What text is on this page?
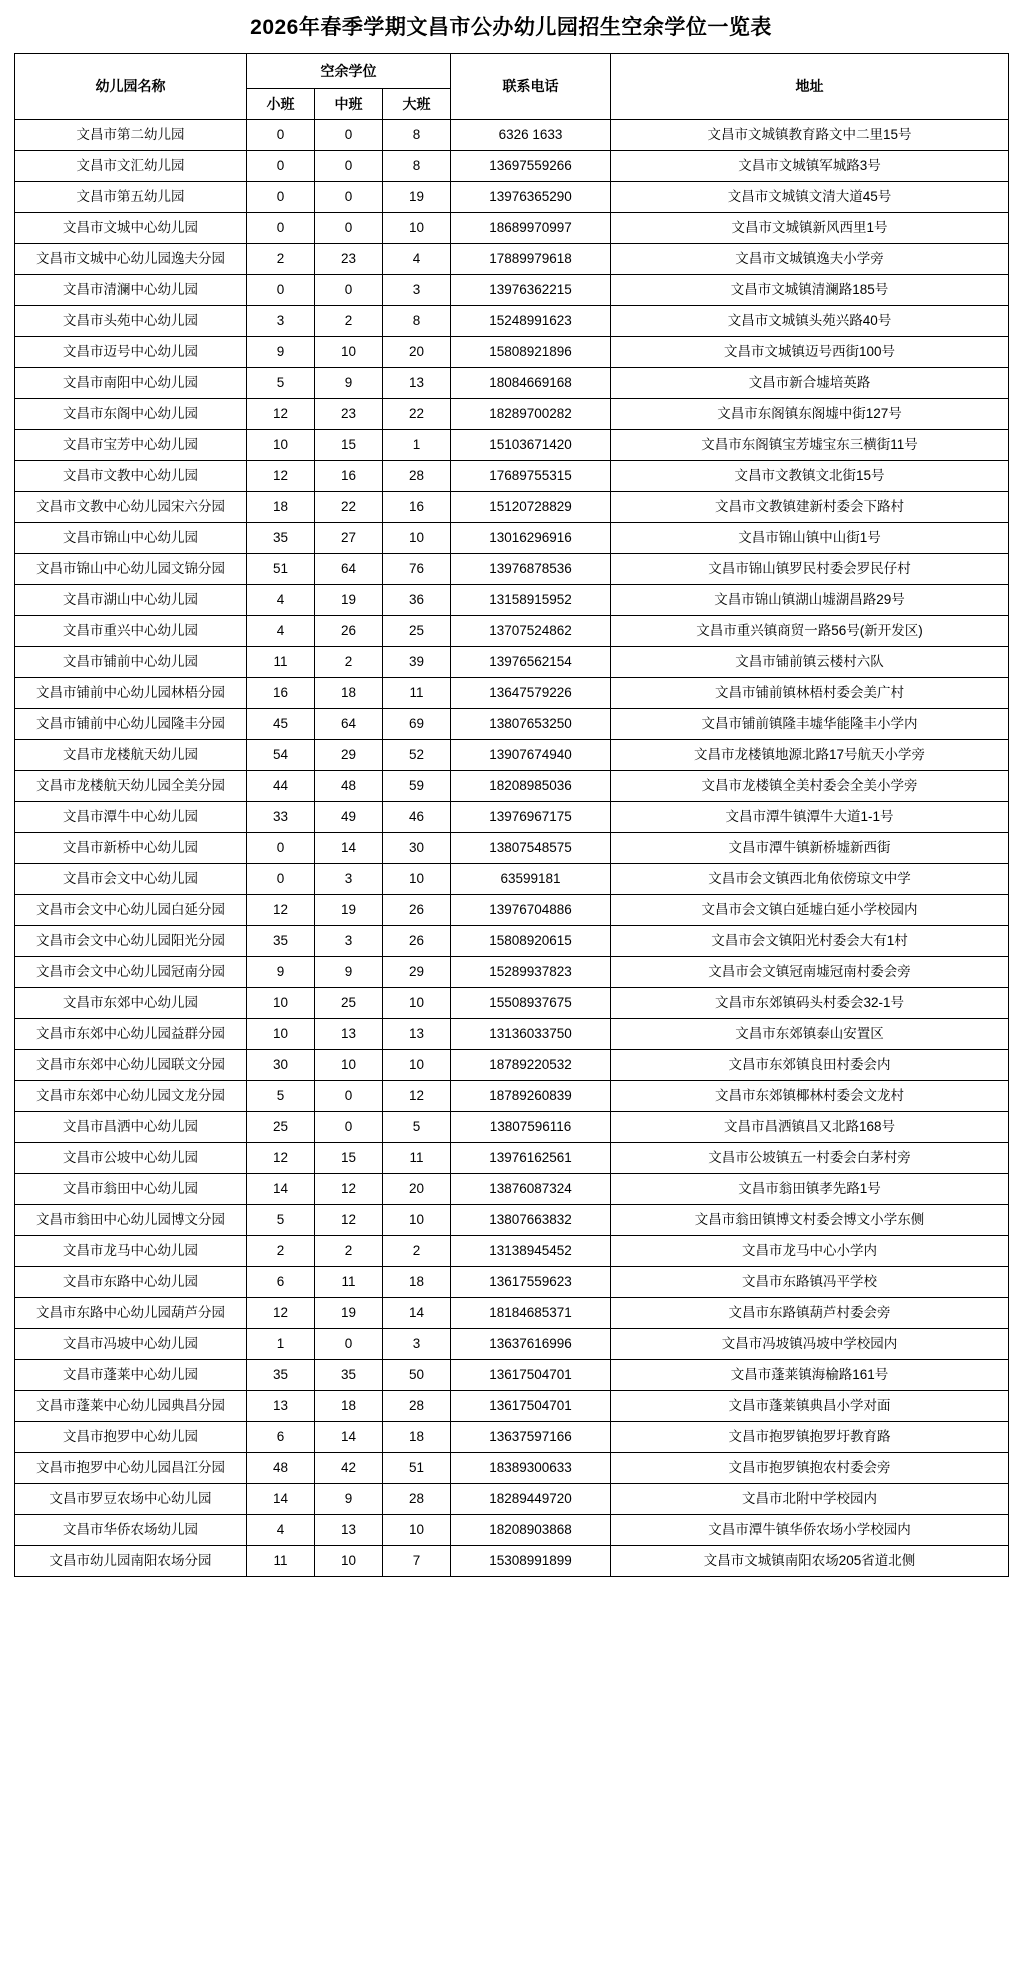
2026年春季学期文昌市公办幼儿园招生空余学位一览表
幼儿园名称	空余学位			联系电话	地址
	小班	中班	大班		
文昌市第二幼儿园	0	0	8	6326 1633	文昌市文城镇教育路文中二里15号
文昌市文汇幼儿园	0	0	8	13697559266	文昌市文城镇军城路3号
文昌市第五幼儿园	0	0	19	13976365290	文昌市文城镇文清大道45号
文昌市文城中心幼儿园	0	0	10	18689970997	文昌市文城镇新风西里1号
文昌市文城中心幼儿园逸夫分园	2	23	4	17889979618	文昌市文城镇逸夫小学旁
文昌市清澜中心幼儿园	0	0	3	13976362215	文昌市文城镇清澜路185号
文昌市头苑中心幼儿园	3	2	8	15248991623	文昌市文城镇头苑兴路40号
文昌市迈号中心幼儿园	9	10	20	15808921896	文昌市文城镇迈号西街100号
文昌市南阳中心幼儿园	5	9	13	18084669168	文昌市新合墟培英路
文昌市东阁中心幼儿园	12	23	22	18289700282	文昌市东阁镇东阁墟中街127号
文昌市宝芳中心幼儿园	10	15	1	15103671420	文昌市东阁镇宝芳墟宝东三横街11号
文昌市文教中心幼儿园	12	16	28	17689755315	文昌市文教镇文北街15号
文昌市文教中心幼儿园宋六分园	18	22	16	15120728829	文昌市文教镇建新村委会下路村
文昌市锦山中心幼儿园	35	27	10	13016296916	文昌市锦山镇中山街1号
文昌市锦山中心幼儿园文锦分园	51	64	76	13976878536	文昌市锦山镇罗民村委会罗民仔村
文昌市湖山中心幼儿园	4	19	36	13158915952	文昌市锦山镇湖山墟湖昌路29号
文昌市重兴中心幼儿园	4	26	25	13707524862	文昌市重兴镇商贸一路56号(新开发区)
文昌市铺前中心幼儿园	11	2	39	13976562154	文昌市铺前镇云楼村六队
文昌市铺前中心幼儿园林梧分园	16	18	11	13647579226	文昌市铺前镇林梧村委会美广村
文昌市铺前中心幼儿园隆丰分园	45	64	69	13807653250	文昌市铺前镇隆丰墟华能隆丰小学内
文昌市龙楼航天幼儿园	54	29	52	13907674940	文昌市龙楼镇地源北路17号航天小学旁
文昌市龙楼航天幼儿园全美分园	44	48	59	18208985036	文昌市龙楼镇全美村委会全美小学旁
文昌市潭牛中心幼儿园	33	49	46	13976967175	文昌市潭牛镇潭牛大道1-1号
文昌市新桥中心幼儿园	0	14	30	13807548575	文昌市潭牛镇新桥墟新西街
文昌市会文中心幼儿园	0	3	10	63599181	文昌巿会文镇西北角依傍琼文中学
文昌市会文中心幼儿园白延分园	12	19	26	13976704886	文昌市会文镇白延墟白延小学校园内
文昌市会文中心幼儿园阳光分园	35	3	26	15808920615	文昌市会文镇阳光村委会大有1村
文昌市会文中心幼儿园冠南分园	9	9	29	15289937823	文昌市会文镇冠南墟冠南村委会旁
文昌市东郊中心幼儿园	10	25	10	15508937675	文昌市东郊镇码头村委会32-1号
文昌市东郊中心幼儿园益群分园	10	13	13	13136033750	文昌市东郊镇泰山安置区
文昌市东郊中心幼儿园联文分园	30	10	10	18789220532	文昌市东郊镇良田村委会内
文昌市东郊中心幼儿园文龙分园	5	0	12	18789260839	文昌市东郊镇椰林村委会文龙村
文昌市昌洒中心幼儿园	25	0	5	13807596116	文昌市昌洒镇昌又北路168号
文昌市公坡中心幼儿园	12	15	11	13976162561	文昌市公坡镇五一村委会白茅村旁
文昌市翁田中心幼儿园	14	12	20	13876087324	文昌市翁田镇孝先路1号
文昌市翁田中心幼儿园博文分园	5	12	10	13807663832	文昌市翁田镇博文村委会博文小学东侧
文昌市龙马中心幼儿园	2	2	2	13138945452	文昌市龙马中心小学内
文昌市东路中心幼儿园	6	11	18	13617559623	文昌市东路镇冯平学校
文昌市东路中心幼儿园葫芦分园	12	19	14	18184685371	文昌市东路镇葫芦村委会旁
文昌市冯坡中心幼儿园	1	0	3	13637616996	文昌市冯坡镇冯坡中学校园内
文昌市蓬莱中心幼儿园	35	35	50	13617504701	文昌市蓬莱镇海榆路161号
文昌市蓬莱中心幼儿园典昌分园	13	18	28	13617504701	文昌市蓬莱镇典昌小学对面
文昌市抱罗中心幼儿园	6	14	18	13637597166	文昌市抱罗镇抱罗圩教育路
文昌市抱罗中心幼儿园昌江分园	48	42	51	18389300633	文昌市抱罗镇抱农村委会旁
文昌市罗豆农场中心幼儿园	14	9	28	18289449720	文昌市北附中学校园内
文昌市华侨农场幼儿园	4	13	10	18208903868	文昌市潭牛镇华侨农场小学校园内
文昌市幼儿园南阳农场分园	11	10	7	15308991899	文昌市文城镇南阳农场205省道北侧
